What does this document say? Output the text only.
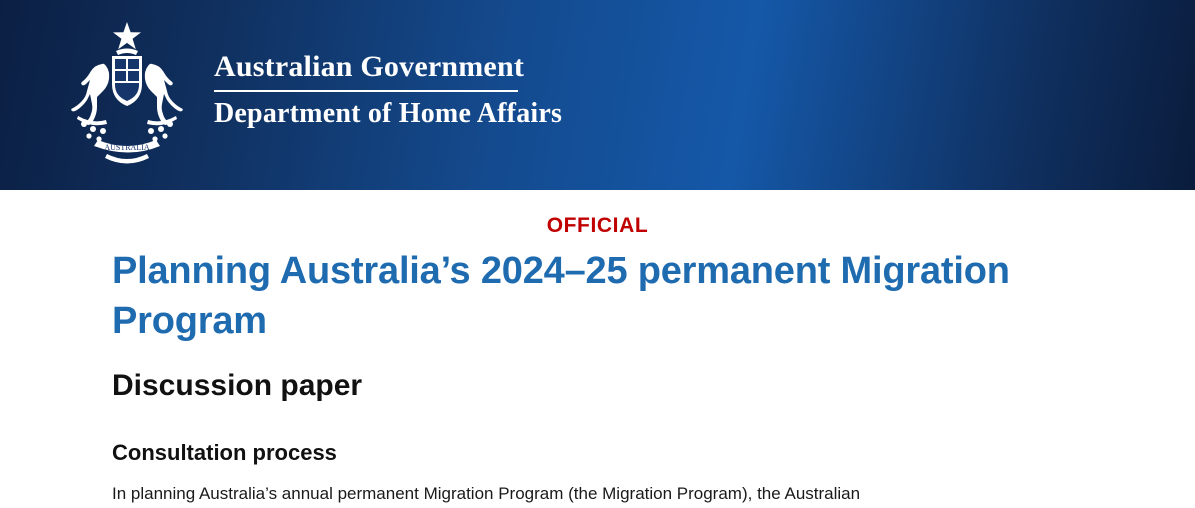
AUSTRALIA
Australian Government
Department of Home Affairs
OFFICIAL
Planning Australia’s 2024–25 permanent Migration Program
Discussion paper
Consultation process

In planning Australia’s annual permanent Migration Program (the Migration Program), the Australian
